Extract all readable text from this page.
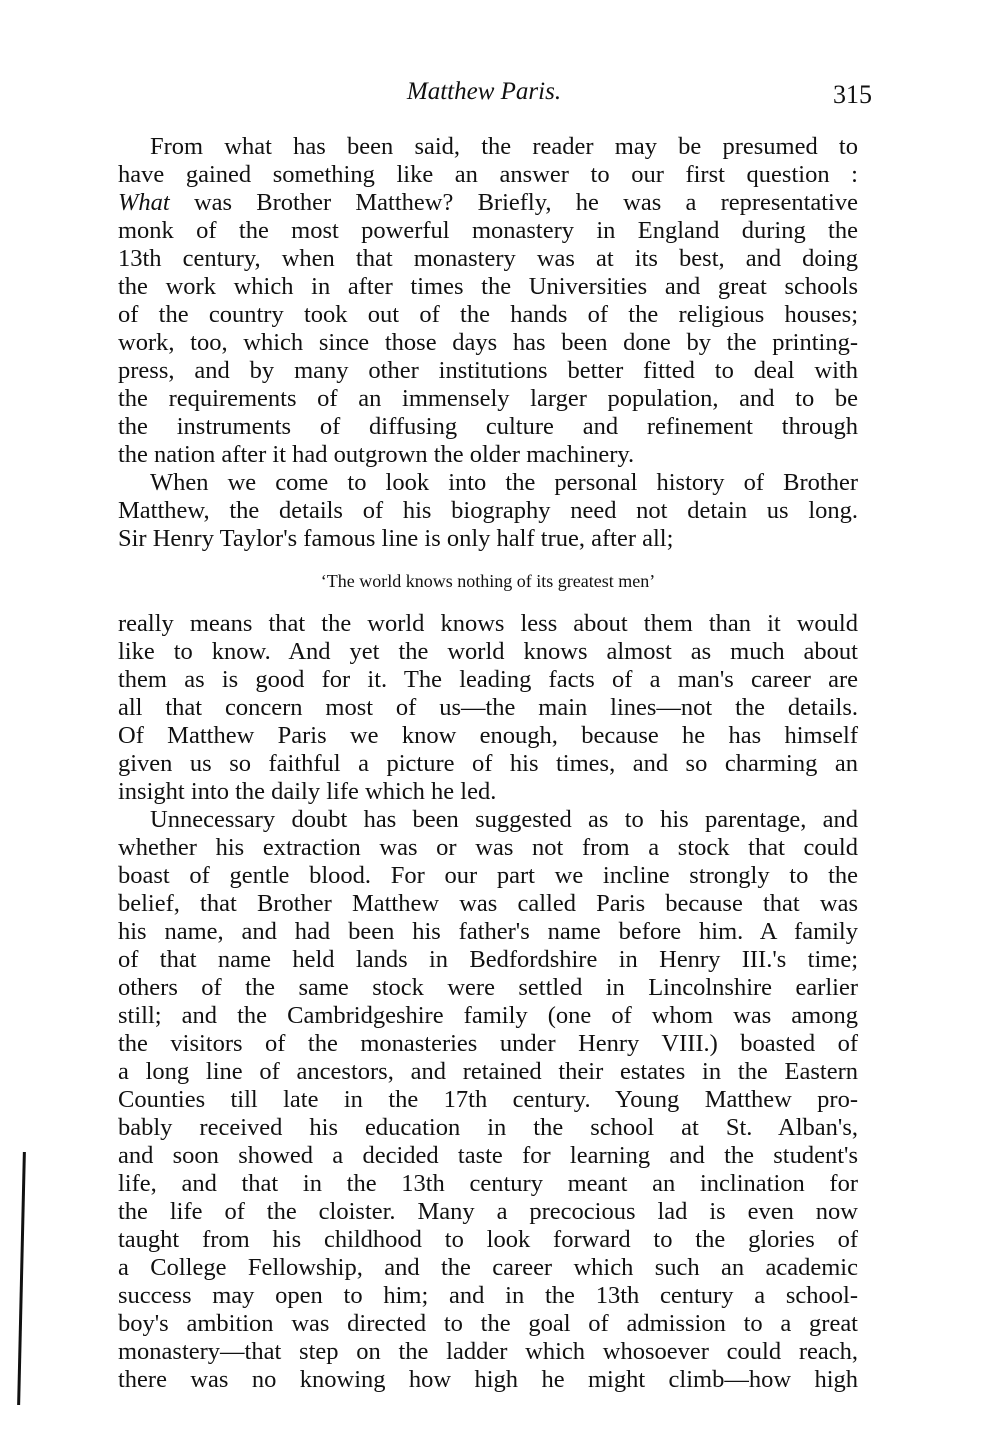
Matthew Paris.	315
From what has been said, the reader may be presumed to
have gained something like an answer to our first question :
What was Brother Matthew? Briefly, he was a representative
monk of the most powerful monastery in England during the
13th century, when that monastery was at its best, and doing
the work which in after times the Universities and great schools
of the country took out of the hands of the religious houses;
work, too, which since those days has been done by the printing-
press, and by many other institutions better fitted to deal with
the requirements of an immensely larger population, and to be
the instruments of diffusing culture and refinement through
the nation after it had outgrown the older machinery.
When we come to look into the personal history of Brother
Matthew, the details of his biography need not detain us long.
Sir Henry Taylor's famous line is only half true, after all;
‘The world knows nothing of its greatest men’
really means that the world knows less about them than it would
like to know. And yet the world knows almost as much about
them as is good for it. The leading facts of a man's career are
all that concern most of us—the main lines—not the details.
Of Matthew Paris we know enough, because he has himself
given us so faithful a picture of his times, and so charming an
insight into the daily life which he led.
Unnecessary doubt has been suggested as to his parentage, and
whether his extraction was or was not from a stock that could
boast of gentle blood. For our part we incline strongly to the
belief, that Brother Matthew was called Paris because that was
his name, and had been his father's name before him. A family
of that name held lands in Bedfordshire in Henry III.'s time;
others of the same stock were settled in Lincolnshire earlier
still; and the Cambridgeshire family (one of whom was among
the visitors of the monasteries under Henry VIII.) boasted of
a long line of ancestors, and retained their estates in the Eastern
Counties till late in the 17th century. Young Matthew pro-
bably received his education in the school at St. Alban's,
and soon showed a decided taste for learning and the student's
life, and that in the 13th century meant an inclination for
the life of the cloister. Many a precocious lad is even now
taught from his childhood to look forward to the glories of
a College Fellowship, and the career which such an academic
success may open to him; and in the 13th century a school-
boy's ambition was directed to the goal of admission to a great
monastery—that step on the ladder which whosoever could reach,
there was no knowing how high he might climb—how high
